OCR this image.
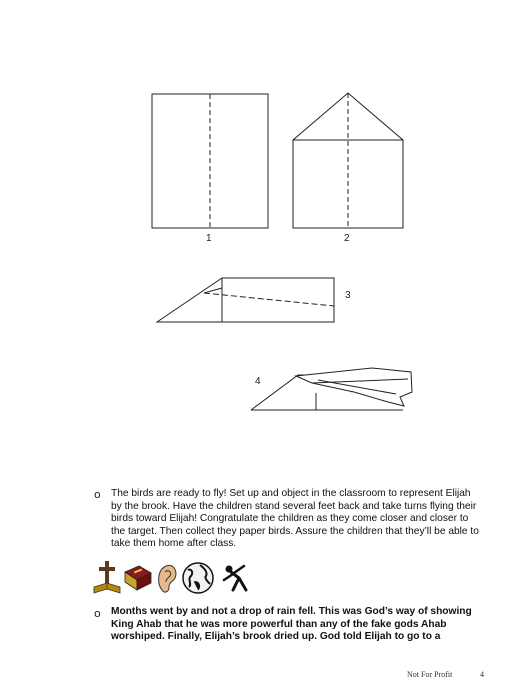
1	2
3
4
o The birds are ready to fly! Set up and object in the classroom to represent Elijah by the brook. Have the children stand several feet back and take turns flying their birds toward Elijah! Congratulate the children as they come closer and closer to the target. Then collect they paper birds. Assure the children that they’ll be able to take them home after class.
o Months went by and not a drop of rain fell. This was God’s way of showing King Ahab that he was more powerful than any of the fake gods Ahab worshiped. Finally, Elijah’s brook dried up. God told Elijah to go to a
Not For Profit	4
